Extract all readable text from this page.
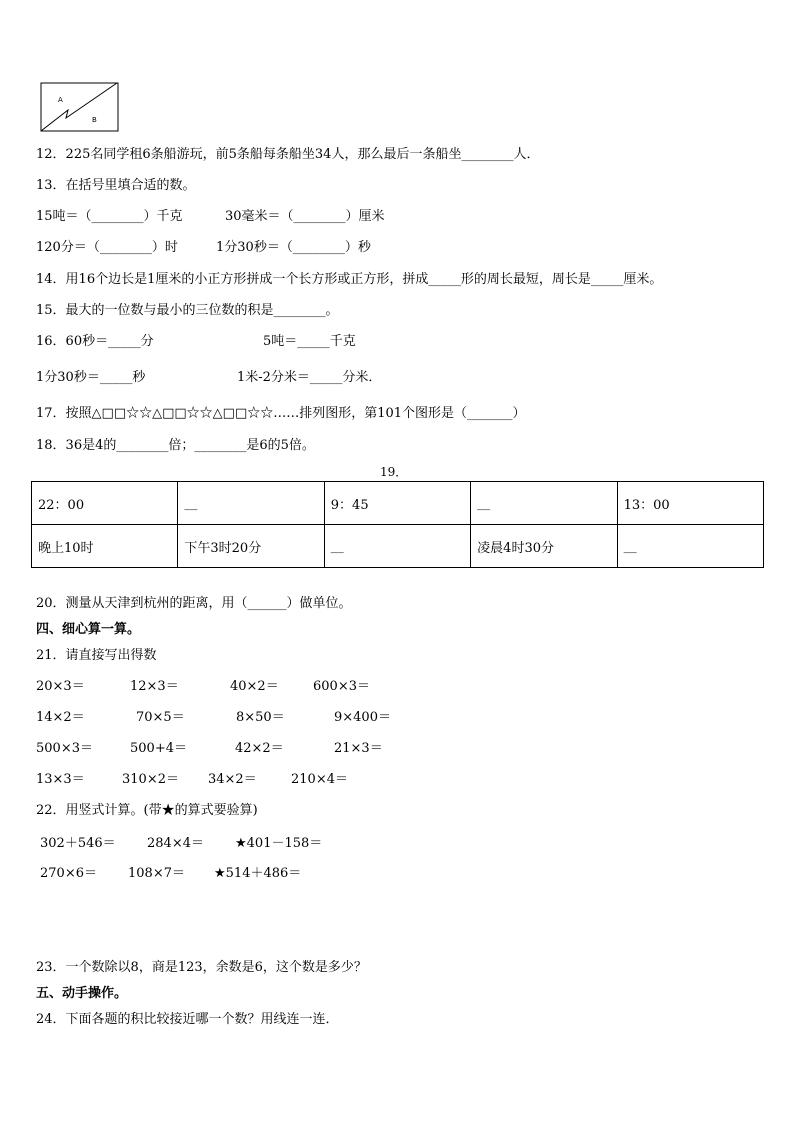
A
B
12．225名同学租6条船游玩，前5条船每条船坐34人，那么最后一条船坐________人．
13．在括号里填合适的数。
15吨＝（________）千克	30毫米＝（________）厘米
120分＝（________）时	1分30秒＝（________）秒
14．用16个边长是1厘米的小正方形拼成一个长方形或正方形，拼成_____形的周长最短，周长是_____厘米。
15．最大的一位数与最小的三位数的积是________。
16．60秒＝_____分	5吨＝_____千克
1分30秒＝_____秒	1米-2分米＝_____分米．
17．按照△□□☆☆△□□☆☆△□□☆☆……排列图形，第101个图形是（_______）
18．36是4的________倍；________是6的5倍。
19．
22：00	__	9：45	__	13：00
晚上10时	下午3时20分	__	凌晨4时30分	__
20．测量从天津到杭州的距离，用（______）做单位。
四、细心算一算。
21．请直接写出得数
20×3＝	12×3＝	40×2＝	600×3＝
14×2＝	70×5＝	8×50＝	9×400＝
500×3＝	500+4＝	42×2＝	21×3＝
13×3＝	310×2＝ 34×2＝	210×4＝
22．用竖式计算。(带★的算式要验算)
302＋546＝ 284×4＝ ★401－158＝
270×6＝ 108×7＝ ★514＋486＝
23．一个数除以8，商是123，余数是6，这个数是多少？
五、动手操作。
24．下面各题的积比较接近哪一个数？用线连一连．
